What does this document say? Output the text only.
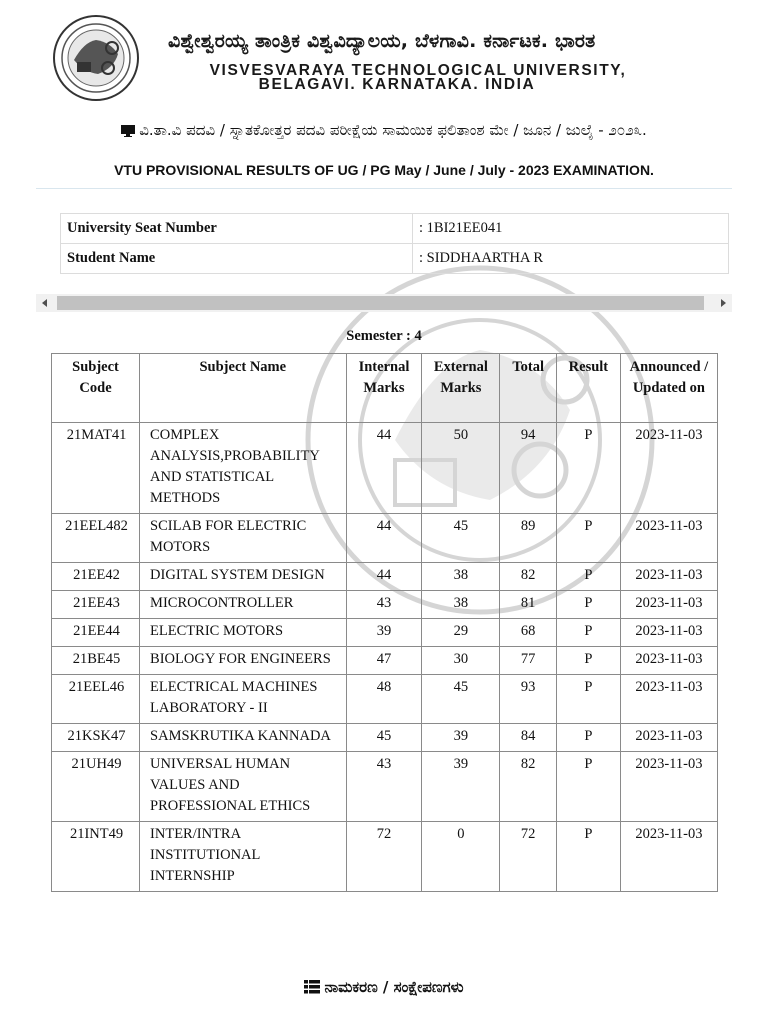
ವಿಶ್ವೇಶ್ವರಯ್ಯ ತಾಂತ್ರಿಕ ವಿಶ್ವವಿದ್ಯಾಲಯ, ಬೆಳಗಾವಿ. ಕರ್ನಾಟಕ. ಭಾರತ
VISVESVARAYA TECHNOLOGICAL UNIVERSITY,
BELAGAVI. KARNATAKA. INDIA
ವಿ.ತಾ.ವಿ ಪದವಿ / ಸ್ನಾತಕೋತ್ತರ ಪದವಿ ಪರೀಕ್ಷೆಯ ಸಾಮಯಿಕ ಫಲಿತಾಂಶ ಮೇ / ಜೂನ / ಜುಲೈ - ೨೦೨೩.
VTU PROVISIONAL RESULTS OF UG / PG May / June / July - 2023 EXAMINATION.
University Seat Number	: 1BI21EE041
Student Name	: SIDDHAARTHA R
Semester : 4
Subject Code	Subject Name	Internal Marks	External Marks	Total	Result	Announced / Updated on
21MAT41	COMPLEX ANALYSIS,PROBABILITY AND STATISTICAL METHODS	44	50	94	P	2023-11-03
21EEL482	SCILAB FOR ELECTRIC MOTORS	44	45	89	P	2023-11-03
21EE42	DIGITAL SYSTEM DESIGN	44	38	82	P	2023-11-03
21EE43	MICROCONTROLLER	43	38	81	P	2023-11-03
21EE44	ELECTRIC MOTORS	39	29	68	P	2023-11-03
21BE45	BIOLOGY FOR ENGINEERS	47	30	77	P	2023-11-03
21EEL46	ELECTRICAL MACHINES LABORATORY - II	48	45	93	P	2023-11-03
21KSK47	SAMSKRUTIKA KANNADA	45	39	84	P	2023-11-03
21UH49	UNIVERSAL HUMAN VALUES AND PROFESSIONAL ETHICS	43	39	82	P	2023-11-03
21INT49	INTER/INTRA INSTITUTIONAL INTERNSHIP	72	0	72	P	2023-11-03
ನಾಮಕರಣ / ಸಂಕ್ಷೇಪಣಗಳು
